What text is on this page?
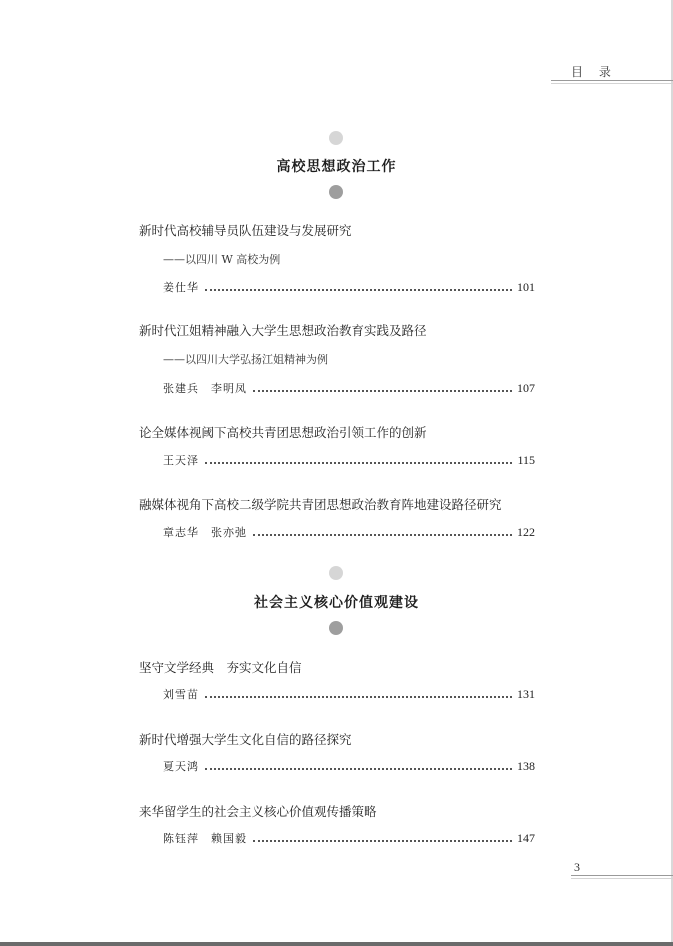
目 录
高校思想政治工作
新时代高校辅导员队伍建设与发展研究
——以四川 W 高校为例
姜仕华	101
新时代江姐精神融入大学生思想政治教育实践及路径
——以四川大学弘扬江姐精神为例
张建兵　李明凤	107
论全媒体视阈下高校共青团思想政治引领工作的创新
王天泽	115
融媒体视角下高校二级学院共青团思想政治教育阵地建设路径研究
章志华　张亦弛	122
社会主义核心价值观建设
坚守文学经典　夯实文化自信
刘雪苗	131
新时代增强大学生文化自信的路径探究
夏天鸿	138
来华留学生的社会主义核心价值观传播策略
陈钰萍　赖国毅	147
3
